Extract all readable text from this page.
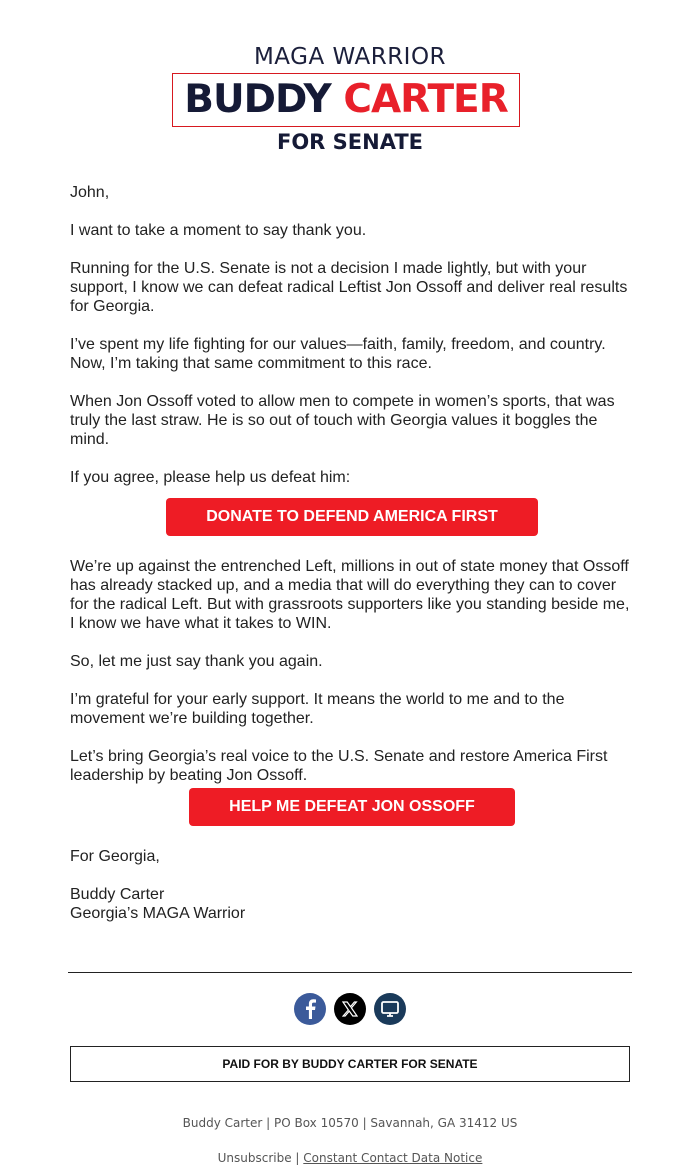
MAGA WARRIOR
BUDDY CARTER
FOR SENATE

John,

I want to take a moment to say thank you.

Running for the U.S. Senate is not a decision I made lightly, but with your support, I know we can defeat radical Leftist Jon Ossoff and deliver real results for Georgia.

I’ve spent my life fighting for our values—faith, family, freedom, and country. Now, I’m taking that same commitment to this race.

When Jon Ossoff voted to allow men to compete in women’s sports, that was truly the last straw. He is so out of touch with Georgia values it boggles the mind.

If you agree, please help us defeat him:

DONATE TO DEFEND AMERICA FIRST

We’re up against the entrenched Left, millions in out of state money that Ossoff has already stacked up, and a media that will do everything they can to cover for the radical Left. But with grassroots supporters like you standing beside me, I know we have what it takes to WIN.

So, let me just say thank you again.

I’m grateful for your early support. It means the world to me and to the movement we’re building together.

Let’s bring Georgia’s real voice to the U.S. Senate and restore America First leadership by beating Jon Ossoff.

HELP ME DEFEAT JON OSSOFF

For Georgia,

Buddy Carter
Georgia’s MAGA Warrior

PAID FOR BY BUDDY CARTER FOR SENATE
Buddy Carter | PO Box 10570 | Savannah, GA 31412 US
Unsubscribe | Constant Contact Data Notice
